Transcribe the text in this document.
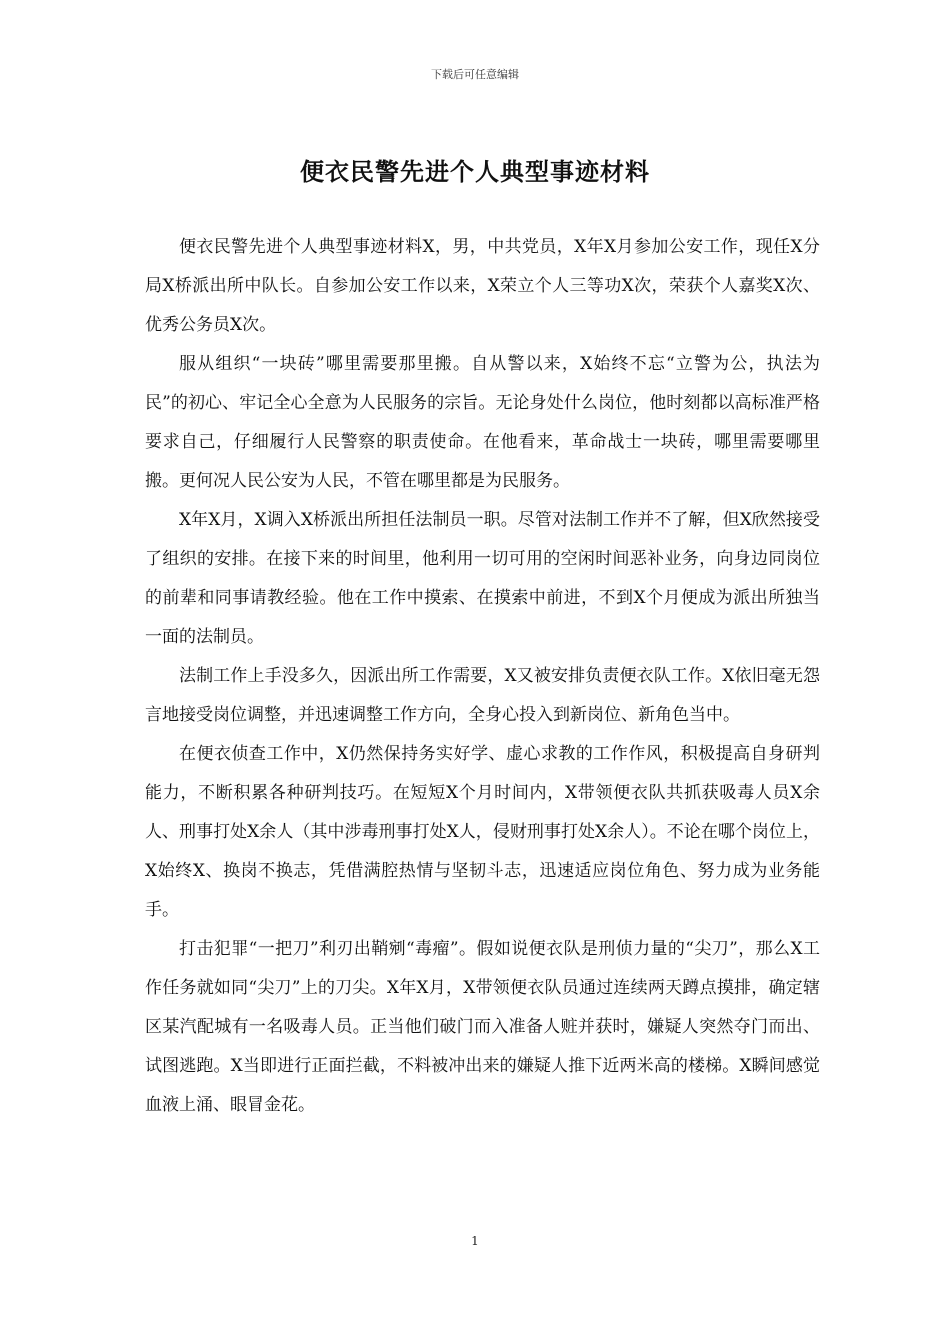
下载后可任意编辑
便衣民警先进个人典型事迹材料

便衣民警先进个人典型事迹材料X，男，中共党员，X年X月参加公安工作，现任X分局X桥派出所中队长。自参加公安工作以来，X荣立个人三等功X次，荣获个人嘉奖X次、优秀公务员X次。

服从组织“一块砖”哪里需要那里搬。自从警以来，X始终不忘“立警为公，执法为民”的初心、牢记全心全意为人民服务的宗旨。无论身处什么岗位，他时刻都以高标准严格要求自己，仔细履行人民警察的职责使命。在他看来，革命战士一块砖，哪里需要哪里搬。更何况人民公安为人民，不管在哪里都是为民服务。

X年X月，X调入X桥派出所担任法制员一职。尽管对法制工作并不了解，但X欣然接受了组织的安排。在接下来的时间里，他利用一切可用的空闲时间恶补业务，向身边同岗位的前辈和同事请教经验。他在工作中摸索、在摸索中前进，不到X个月便成为派出所独当一面的法制员。

法制工作上手没多久，因派出所工作需要，X又被安排负责便衣队工作。X依旧毫无怨言地接受岗位调整，并迅速调整工作方向，全身心投入到新岗位、新角色当中。

在便衣侦查工作中，X仍然保持务实好学、虚心求教的工作作风，积极提高自身研判能力，不断积累各种研判技巧。在短短X个月时间内，X带领便衣队共抓获吸毒人员X余人、刑事打处X余人（其中涉毒刑事打处X人，侵财刑事打处X余人）。不论在哪个岗位上，X始终X、换岗不换志，凭借满腔热情与坚韧斗志，迅速适应岗位角色、努力成为业务能手。

打击犯罪“一把刀”利刃出鞘剜“毒瘤”。假如说便衣队是刑侦力量的“尖刀”，那么X工作任务就如同“尖刀”上的刀尖。X年X月，X带领便衣队员通过连续两天蹲点摸排，确定辖区某汽配城有一名吸毒人员。正当他们破门而入准备人赃并获时，嫌疑人突然夺门而出、试图逃跑。X当即进行正面拦截，不料被冲出来的嫌疑人推下近两米高的楼梯。X瞬间感觉血液上涌、眼冒金花。

1
